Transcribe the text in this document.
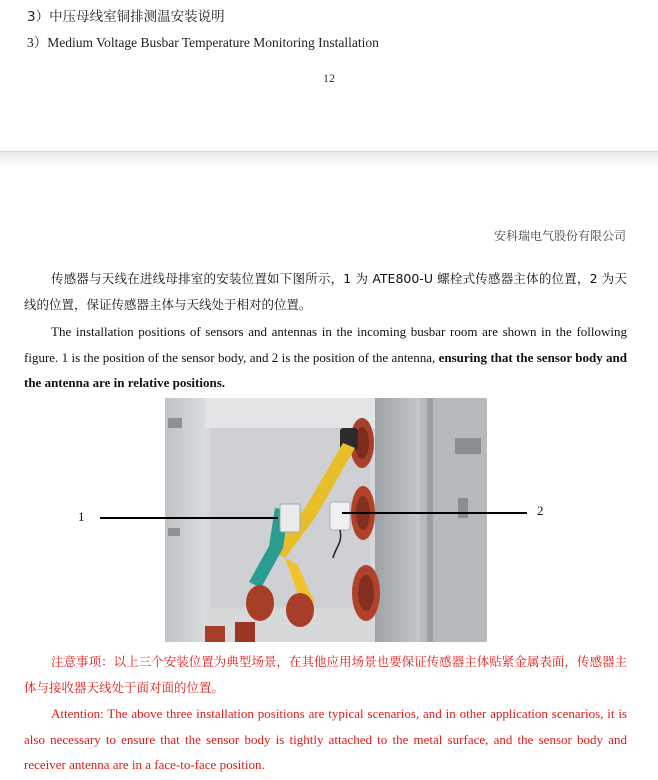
3）中压母线室铜排测温安装说明
3）Medium Voltage Busbar Temperature Monitoring Installation
12
安科瑞电气股份有限公司
传感器与天线在进线母排室的安装位置如下图所示，1 为 ATE800-U 螺栓式传感器主体的位置，2 为天线的位置，保证传感器主体与天线处于相对的位置。
The installation positions of sensors and antennas in the incoming busbar room are shown in the following figure. 1 is the position of the sensor body, and 2 is the position of the antenna, ensuring that the sensor body and the antenna are in relative positions.
1	2
注意事项：以上三个安装位置为典型场景，在其他应用场景也要保证传感器主体贴紧金属表面，传感器主体与接收器天线处于面对面的位置。
Attention: The above three installation positions are typical scenarios, and in other application scenarios, it is also necessary to ensure that the sensor body is tightly attached to the metal surface, and the sensor body and receiver antenna are in a face-to-face position.
